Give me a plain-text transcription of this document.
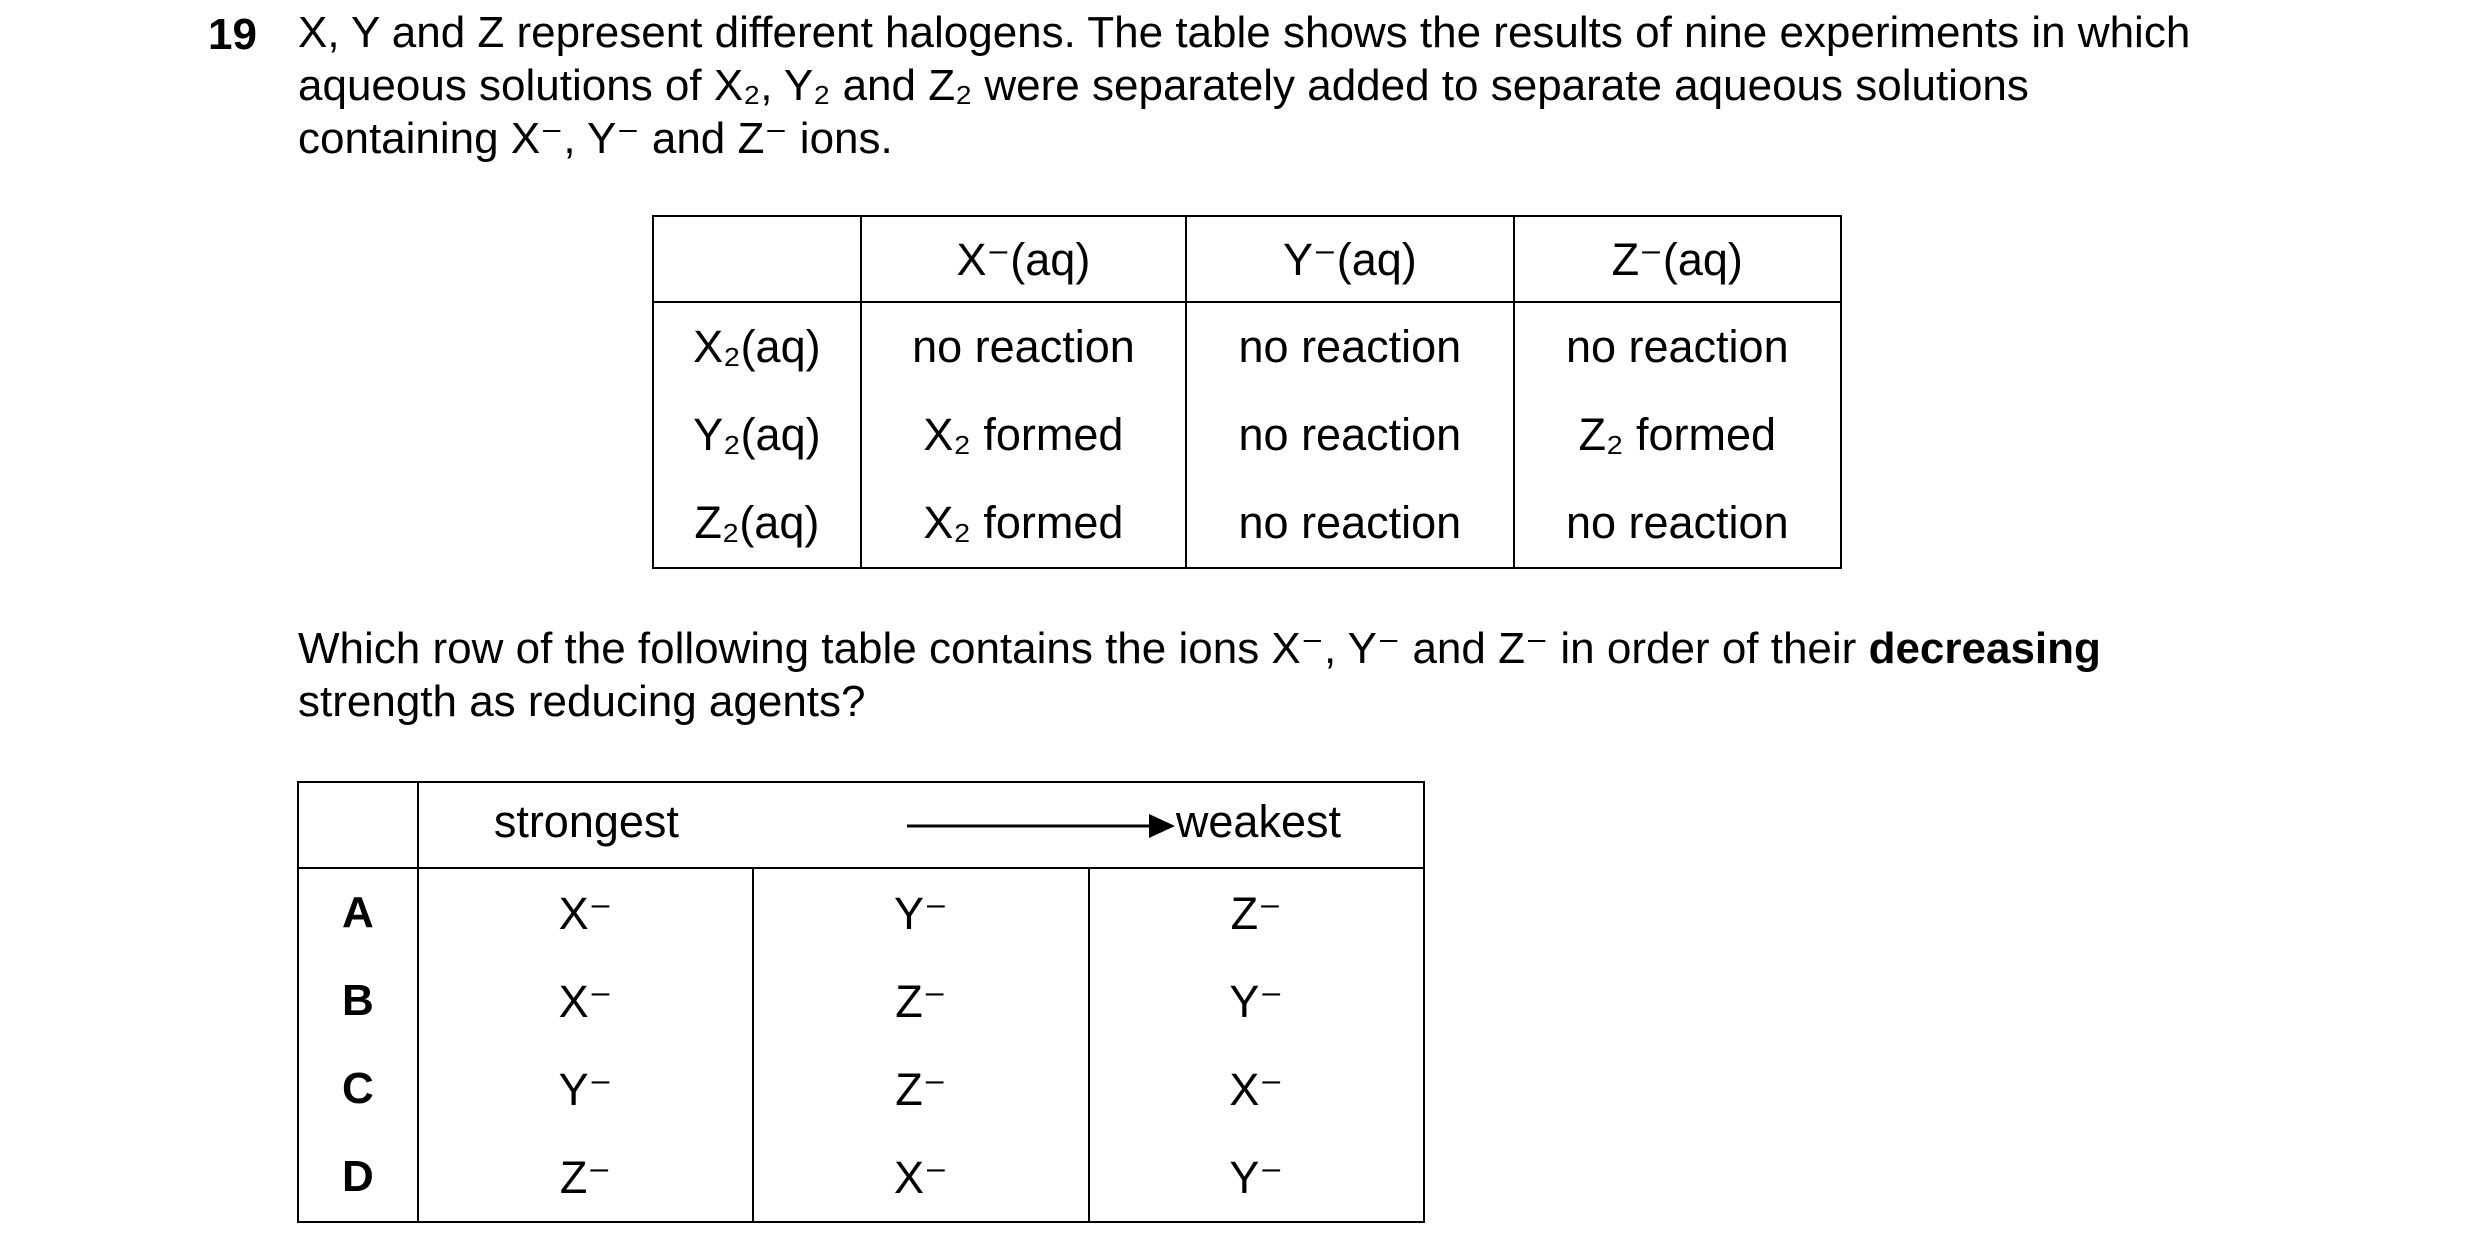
19 X, Y and Z represent different halogens. The table shows the results of nine experiments in which

aqueous solutions of X₂, Y₂ and Z₂ were separately added to separate aqueous solutions

containing X⁻, Y⁻ and Z⁻ ions.

	X⁻(aq)	Y⁻(aq)	Z⁻(aq)
X₂(aq)	no reaction	no reaction	no reaction
Y₂(aq)	X₂ formed	no reaction	Z₂ formed
Z₂(aq)	X₂ formed	no reaction	no reaction

Which row of the following table contains the ions X⁻, Y⁻ and Z⁻ in order of their decreasing

strength as reducing agents?

	strongest weakest		

A	X⁻	Y⁻	Z⁻
B	X⁻	Z⁻	Y⁻
C	Y⁻	Z⁻	X⁻
D	Z⁻	X⁻	Y⁻
